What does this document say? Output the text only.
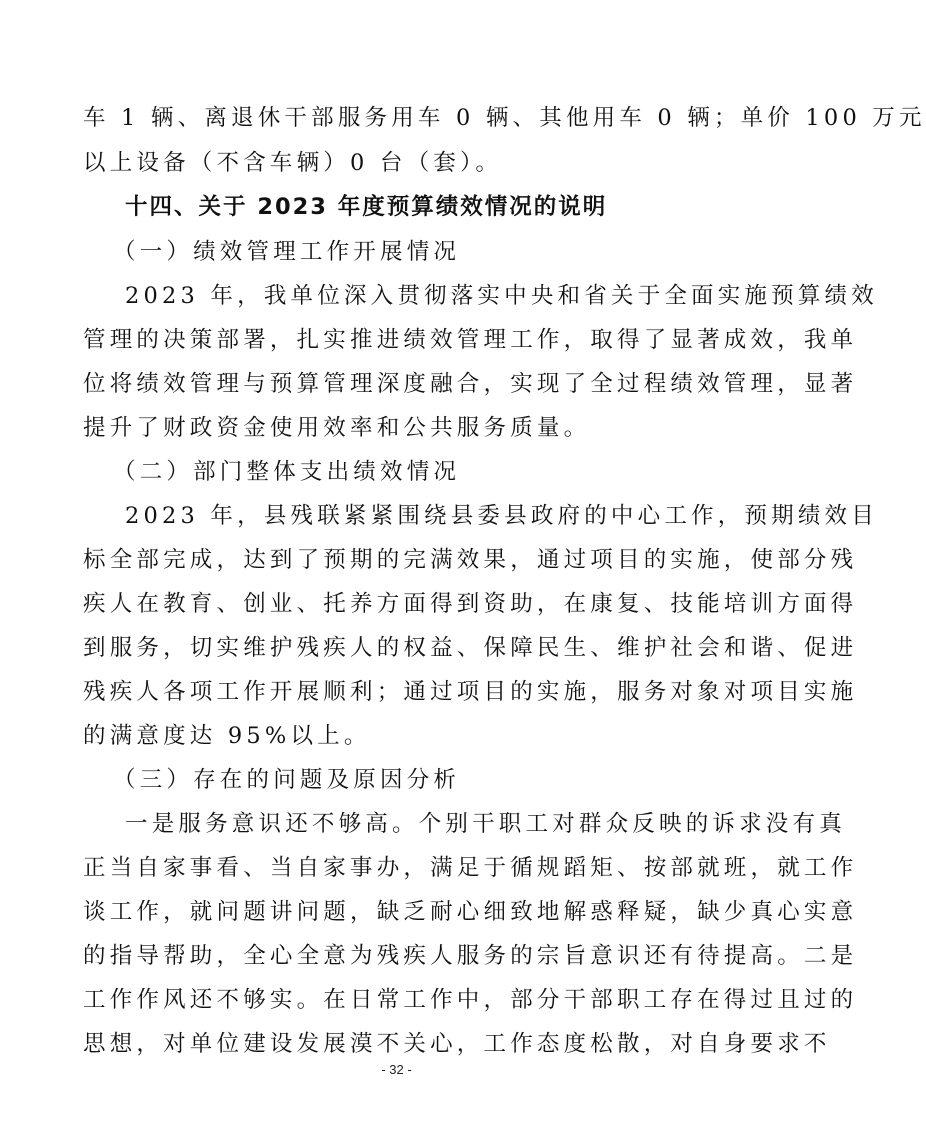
车 1 辆、离退休干部服务用车 0 辆、其他用车 0 辆；单价 100 万元
以上设备（不含车辆）0 台（套）。
十四、关于 2023 年度预算绩效情况的说明
（一）绩效管理工作开展情况
2023 年，我单位深入贯彻落实中央和省关于全面实施预算绩效
管理的决策部署，扎实推进绩效管理工作，取得了显著成效，我单
位将绩效管理与预算管理深度融合，实现了全过程绩效管理，显著
提升了财政资金使用效率和公共服务质量。
（二）部门整体支出绩效情况
2023 年，县残联紧紧围绕县委县政府的中心工作，预期绩效目
标全部完成，达到了预期的完满效果，通过项目的实施，使部分残
疾人在教育、创业、托养方面得到资助，在康复、技能培训方面得
到服务，切实维护残疾人的权益、保障民生、维护社会和谐、促进
残疾人各项工作开展顺利；通过项目的实施，服务对象对项目实施
的满意度达 95%以上。
（三）存在的问题及原因分析
一是服务意识还不够高。个别干职工对群众反映的诉求没有真
正当自家事看、当自家事办，满足于循规蹈矩、按部就班，就工作
谈工作，就问题讲问题，缺乏耐心细致地解惑释疑，缺少真心实意
的指导帮助，全心全意为残疾人服务的宗旨意识还有待提高。二是
工作作风还不够实。在日常工作中，部分干部职工存在得过且过的
思想，对单位建设发展漠不关心，工作态度松散，对自身要求不
- 32 -
